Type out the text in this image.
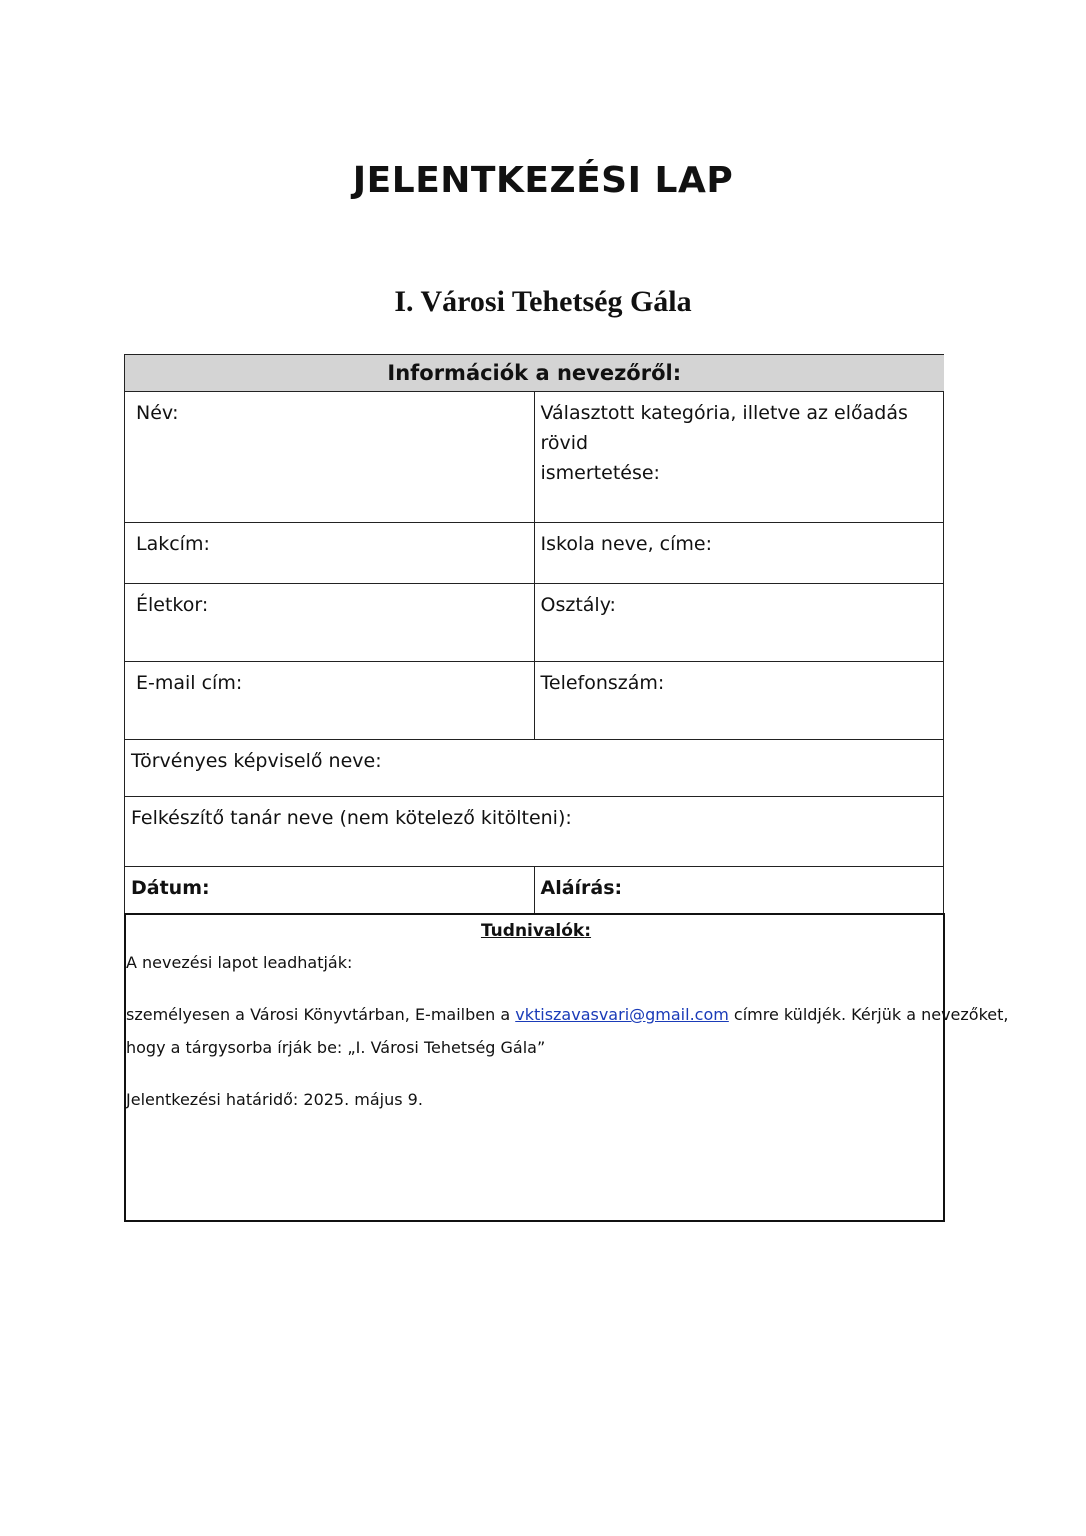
JELENTKEZÉSI LAP
I. Városi Tehetség Gála
Információk a nevezőről:	
Név:	Választott kategória, illetve az előadás rövid
ismertetése:

Lakcím:	Iskola neve, címe:
Életkor:	Osztály:
E-mail cím:	Telefonszám:
Törvényes képviselő neve:	
Felkészítő tanár neve (nem kötelező kitölteni):	
Dátum:	Aláírás:
Tudnivalók:

A nevezési lapot leadhatják:

személyesen a Városi Könyvtárban, E-mailben a vktiszavasvari@gmail.com címre küldjék. Kérjük a nevezőket,

hogy a tárgysorba írják be: „I. Városi Tehetség Gála”

Jelentkezési határidő: 2025. május 9.
